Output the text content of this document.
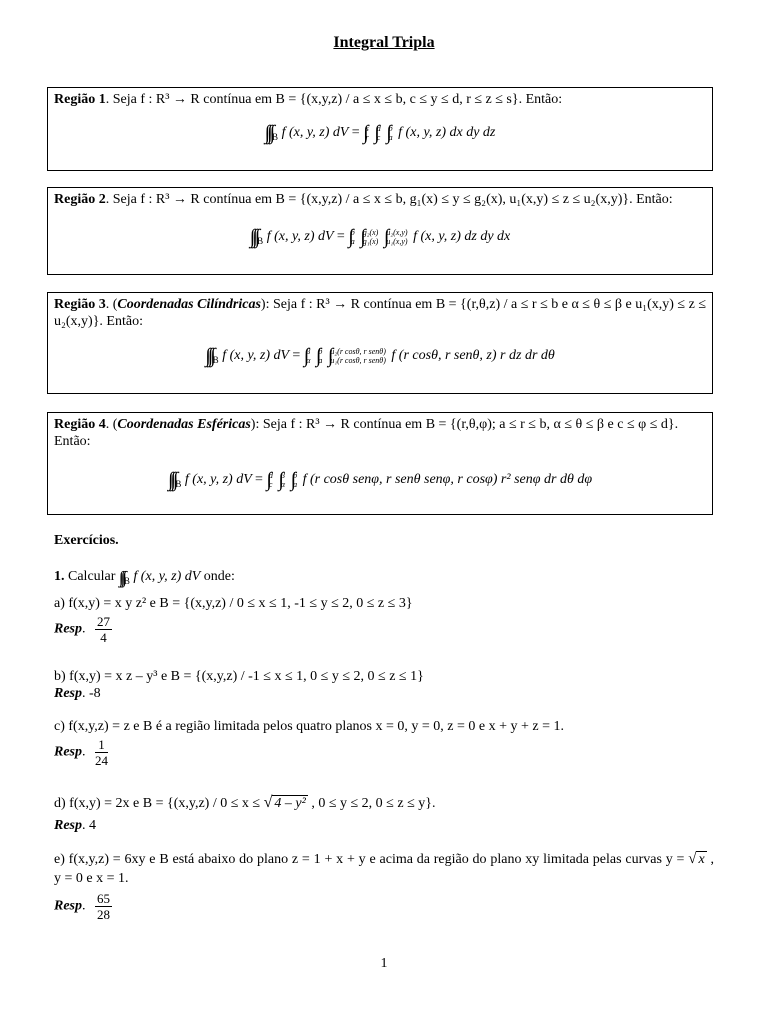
Integral Tripla

Região 1. Seja f : R³ → R contínua em B = {(x,y,z) / a ≤ x ≤ b, c ≤ y ≤ d, r ≤ z ≤ s}. Então:

$\int\int\int_B$ f (x, y, z) dV = ∫ s
r ∫ d
c ∫ b
a f (x, y, z) dx dy dz

Região 2. Seja f : R³ → R contínua em B = {(x,y,z) / a ≤ x ≤ b, g₁(x) ≤ y ≤ g₂(x), u₁(x,y) ≤ z ≤ u₂(x,y)}. Então:

$\int\int\int_B$ f (x, y, z) dV = ∫ b
a ∫ g₂(x)
g₁(x) ∫ u₂(x,y)
u₁(x,y) f (x, y, z) dz dy dx

Região 3. (Coordenadas Cilíndricas): Seja f : R³ → R contínua em B = {(r,θ,z) / a ≤ r ≤ b e α ≤ θ ≤ β e u₁(x,y) ≤ z ≤ u₂(x,y)}. Então:

$\int\int\int_B$ f (x, y, z) dV = ∫ β
α ∫ b
a ∫ u₂(r cosθ, r senθ)
u₁(r cosθ, r senθ) f (r cosθ, r senθ, z) r dz dr dθ

Região 4. (Coordenadas Esféricas): Seja f : R³ → R contínua em B = {(r,θ,φ); a ≤ r ≤ b, α ≤ θ ≤ β e c ≤ φ ≤ d}. Então:

$\int\int\int_B$ f (x, y, z) dV = ∫ d
c ∫ β
α ∫ b
a f (r cosθ senφ, r senθ senφ, r cosφ) r² senφ dr dθ dφ
Exercícios.
1. Calcular $\int\int\int_B$ f (x, y, z) dV onde:
a) f(x,y) = x y z² e B = {(x,y,z) / 0 ≤ x ≤ 1, -1 ≤ y ≤ 2, 0 ≤ z ≤ 3}
Resp. $\frac{27}{4}$
b) f(x,y) = x z – y³ e B = {(x,y,z) / -1 ≤ x ≤ 1, 0 ≤ y ≤ 2, 0 ≤ z ≤ 1}
Resp. -8
c) f(x,y,z) = z e B é a região limitada pelos quatro planos x = 0, y = 0, z = 0 e x + y + z = 1.
Resp. $\frac{1}{24}$
d) f(x,y) = 2x e B = {(x,y,z) / 0 ≤ x ≤ √ 4 – y² , 0 ≤ y ≤ 2, 0 ≤ z ≤ y}.
Resp. 4
e) f(x,y,z) = 6xy e B está abaixo do plano z = 1 + x + y e acima da região do plano xy limitada pelas curvas y = √ x , y = 0 e x = 1.
Resp. $\frac{65}{28}$
1
